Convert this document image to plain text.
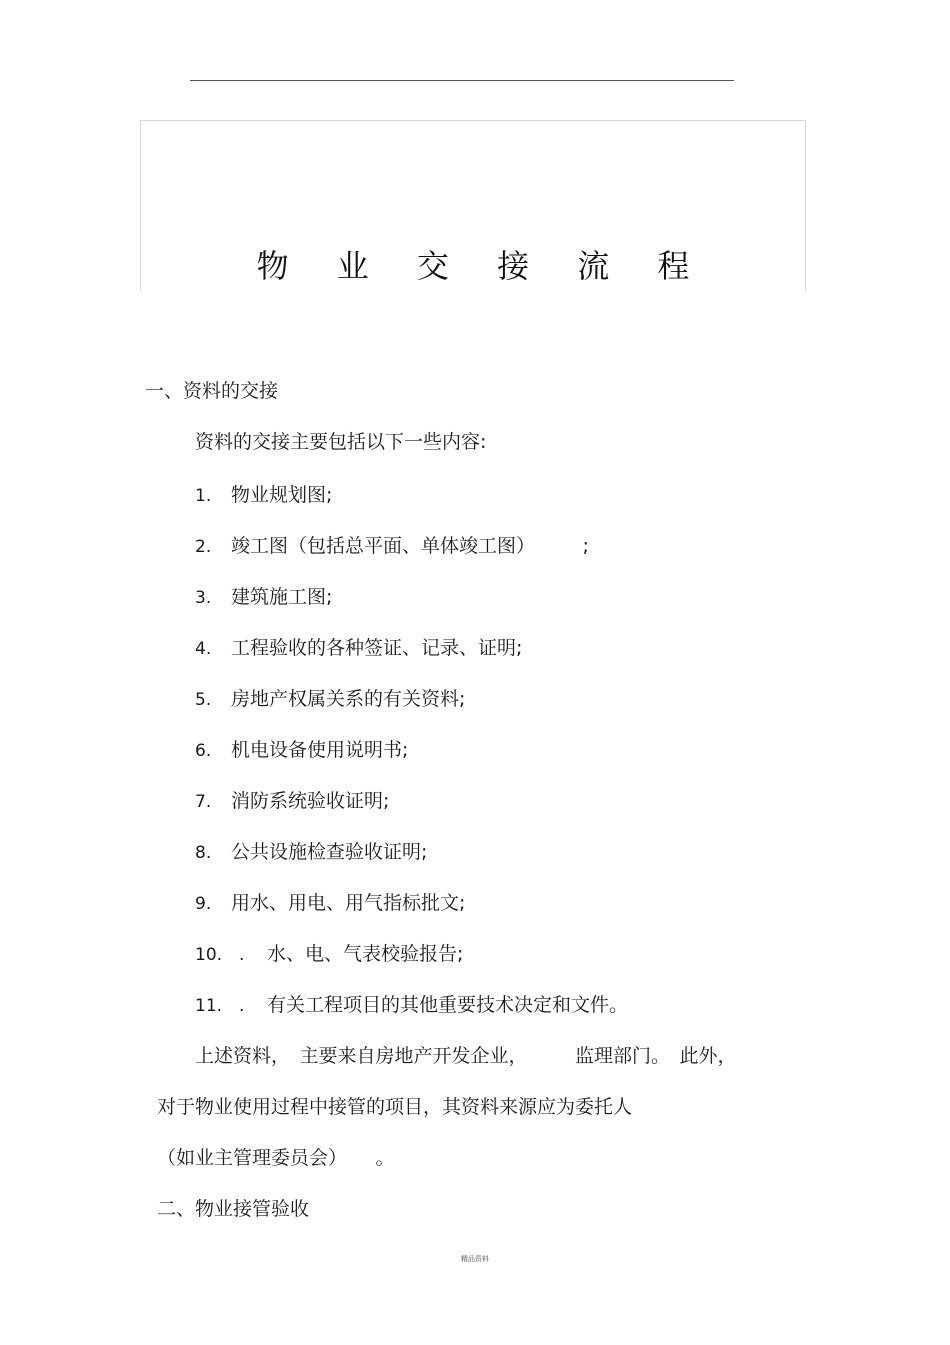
物 业 交 接 流 程
一、资料的交接
资料的交接主要包括以下一些内容:
1. 物业规划图;
2. 竣工图（包括总平面、单体竣工图）　　　;
3. 建筑施工图;
4. 工程验收的各种签证、记录、证明;
5. 房地产权属关系的有关资料;
6. 机电设备使用说明书;
7. 消防系统验收证明;
8. 公共设施检查验收证明;
9. 用水、用电、用气指标批文;
10.　. 水、电、气表校验报告;
11.　. 有关工程项目的其他重要技术决定和文件。
上述资料，　主要来自房地产开发企业，　　　监理部门。　此外，
对于物业使用过程中接管的项目，其资料来源应为委托人
（如业主管理委员会）　　。
二、物业接管验收
精品资料
